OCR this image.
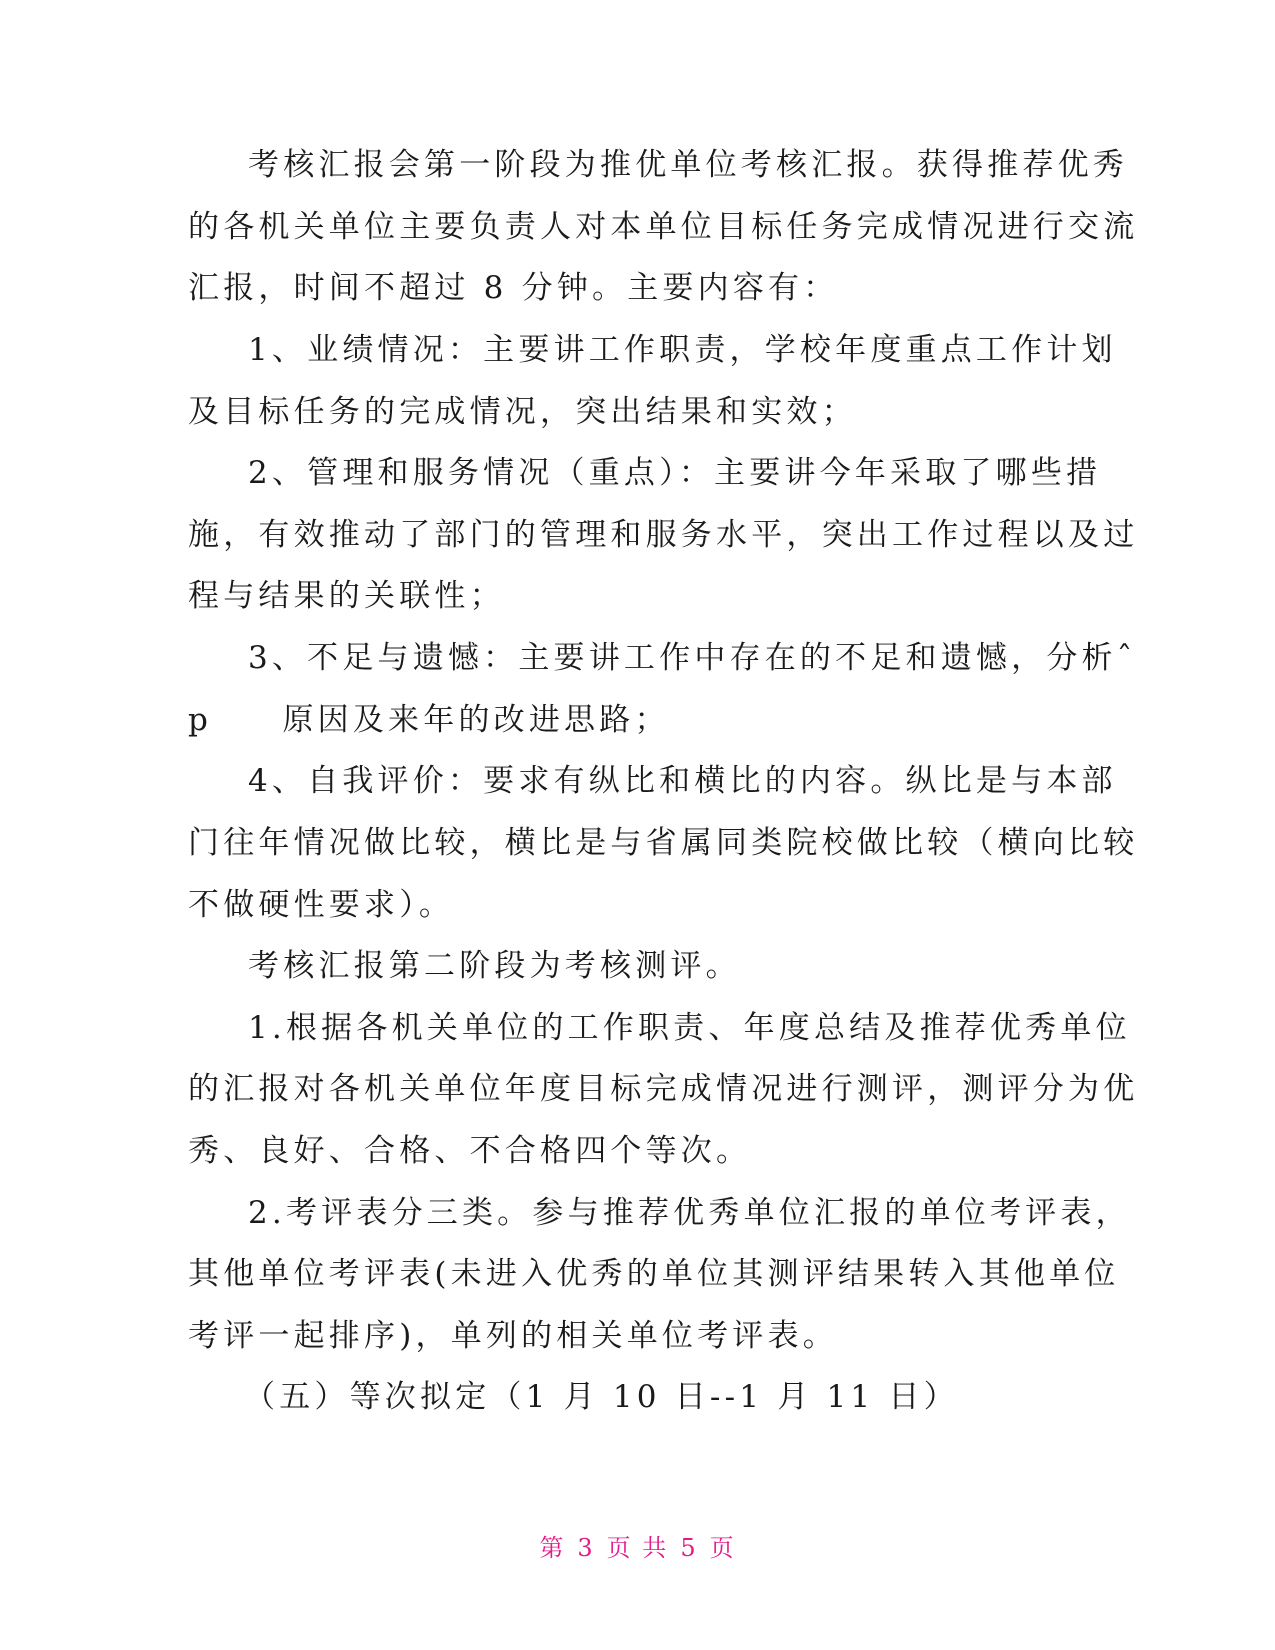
考核汇报会第一阶段为推优单位考核汇报。获得推荐优秀
的各机关单位主要负责人对本单位目标任务完成情况进行交流
汇报，时间不超过 8 分钟。主要内容有：
1、业绩情况：主要讲工作职责，学校年度重点工作计划
及目标任务的完成情况，突出结果和实效；
2、管理和服务情况（重点）：主要讲今年采取了哪些措
施，有效推动了部门的管理和服务水平，突出工作过程以及过
程与结果的关联性；
3、不足与遗憾：主要讲工作中存在的不足和遗憾，分析ˆ
p　　原因及来年的改进思路；
4、自我评价：要求有纵比和横比的内容。纵比是与本部
门往年情况做比较，横比是与省属同类院校做比较（横向比较
不做硬性要求）。
考核汇报第二阶段为考核测评。
1.根据各机关单位的工作职责、年度总结及推荐优秀单位
的汇报对各机关单位年度目标完成情况进行测评，测评分为优
秀、良好、合格、不合格四个等次。
2.考评表分三类。参与推荐优秀单位汇报的单位考评表，
其他单位考评表(未进入优秀的单位其测评结果转入其他单位
考评一起排序)，单列的相关单位考评表。
（五）等次拟定（1 月 10 日--1 月 11 日）
第 3 页 共 5 页
